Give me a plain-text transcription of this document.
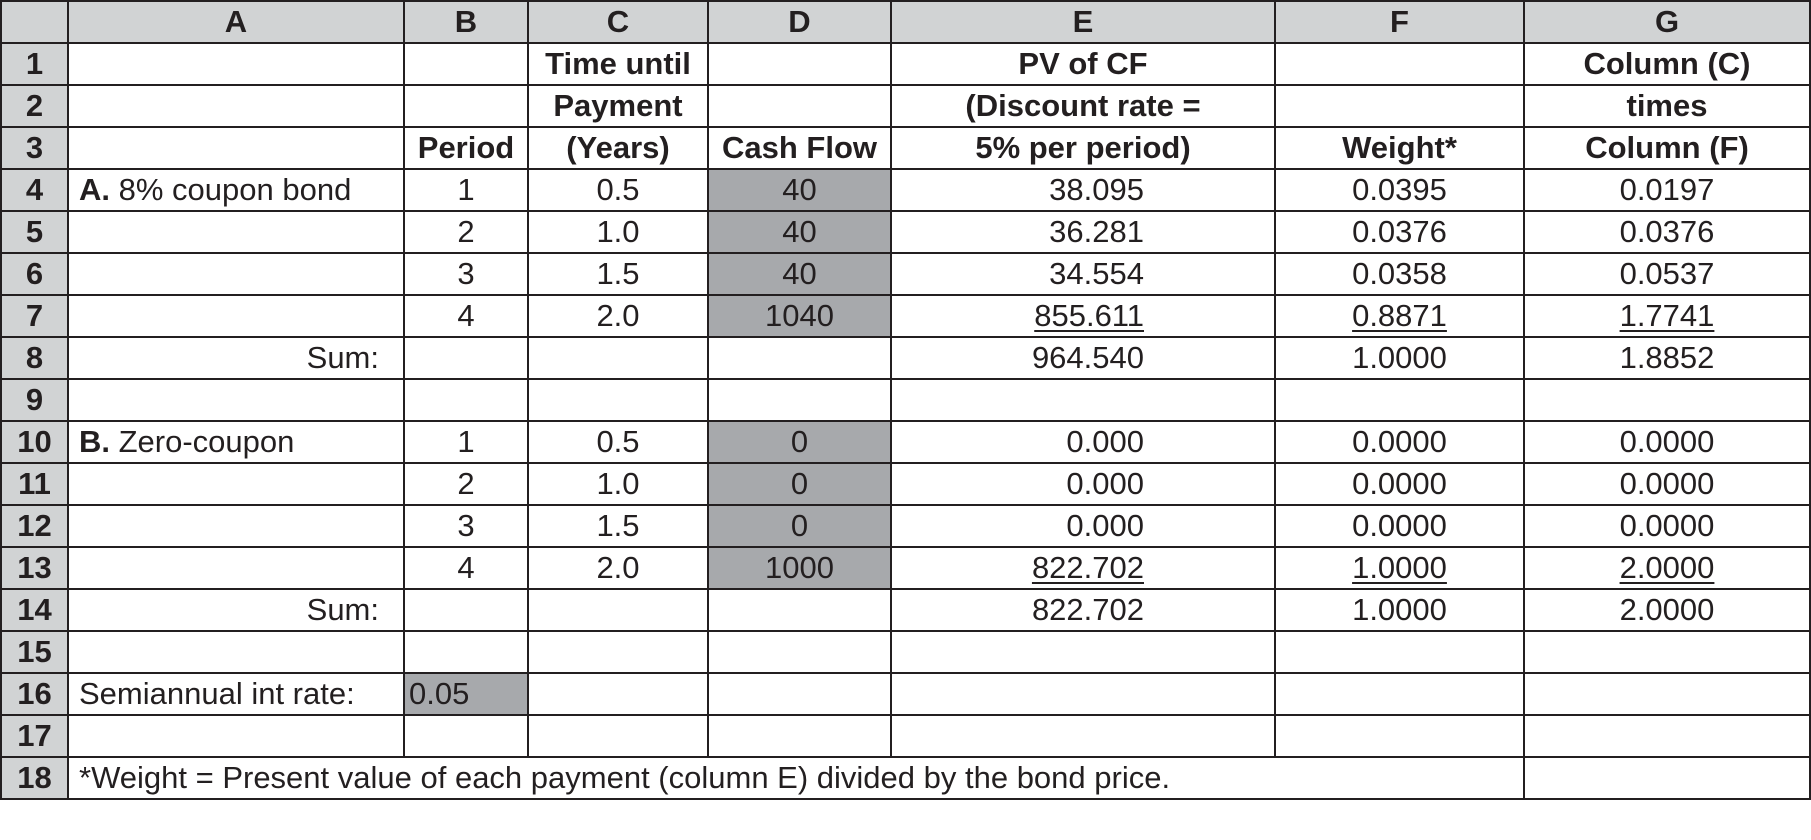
	A	B	C	D	E	F	G
1			Time until		PV of CF		Column (C)
2			Payment		(Discount rate =		times
3		Period	(Years)	Cash Flow	5% per period)	Weight*	Column (F)
4	A. 8% coupon bond	1	0.5	40	38.095	0.0395	0.0197
5		2	1.0	40	36.281	0.0376	0.0376
6		3	1.5	40	34.554	0.0358	0.0537
7		4	2.0	1040	855.611	0.8871	1.7741
8	Sum:				964.540	1.0000	1.8852
9							
10	B. Zero-coupon	1	0.5	0	0.000	0.0000	0.0000
11		2	1.0	0	0.000	0.0000	0.0000
12		3	1.5	0	0.000	0.0000	0.0000
13		4	2.0	1000	822.702	1.0000	2.0000
14	Sum:				822.702	1.0000	2.0000
15							
16	Semiannual int rate:	0.05					
17							
18	*Weight = Present value of each payment (column E) divided by the bond price.						
